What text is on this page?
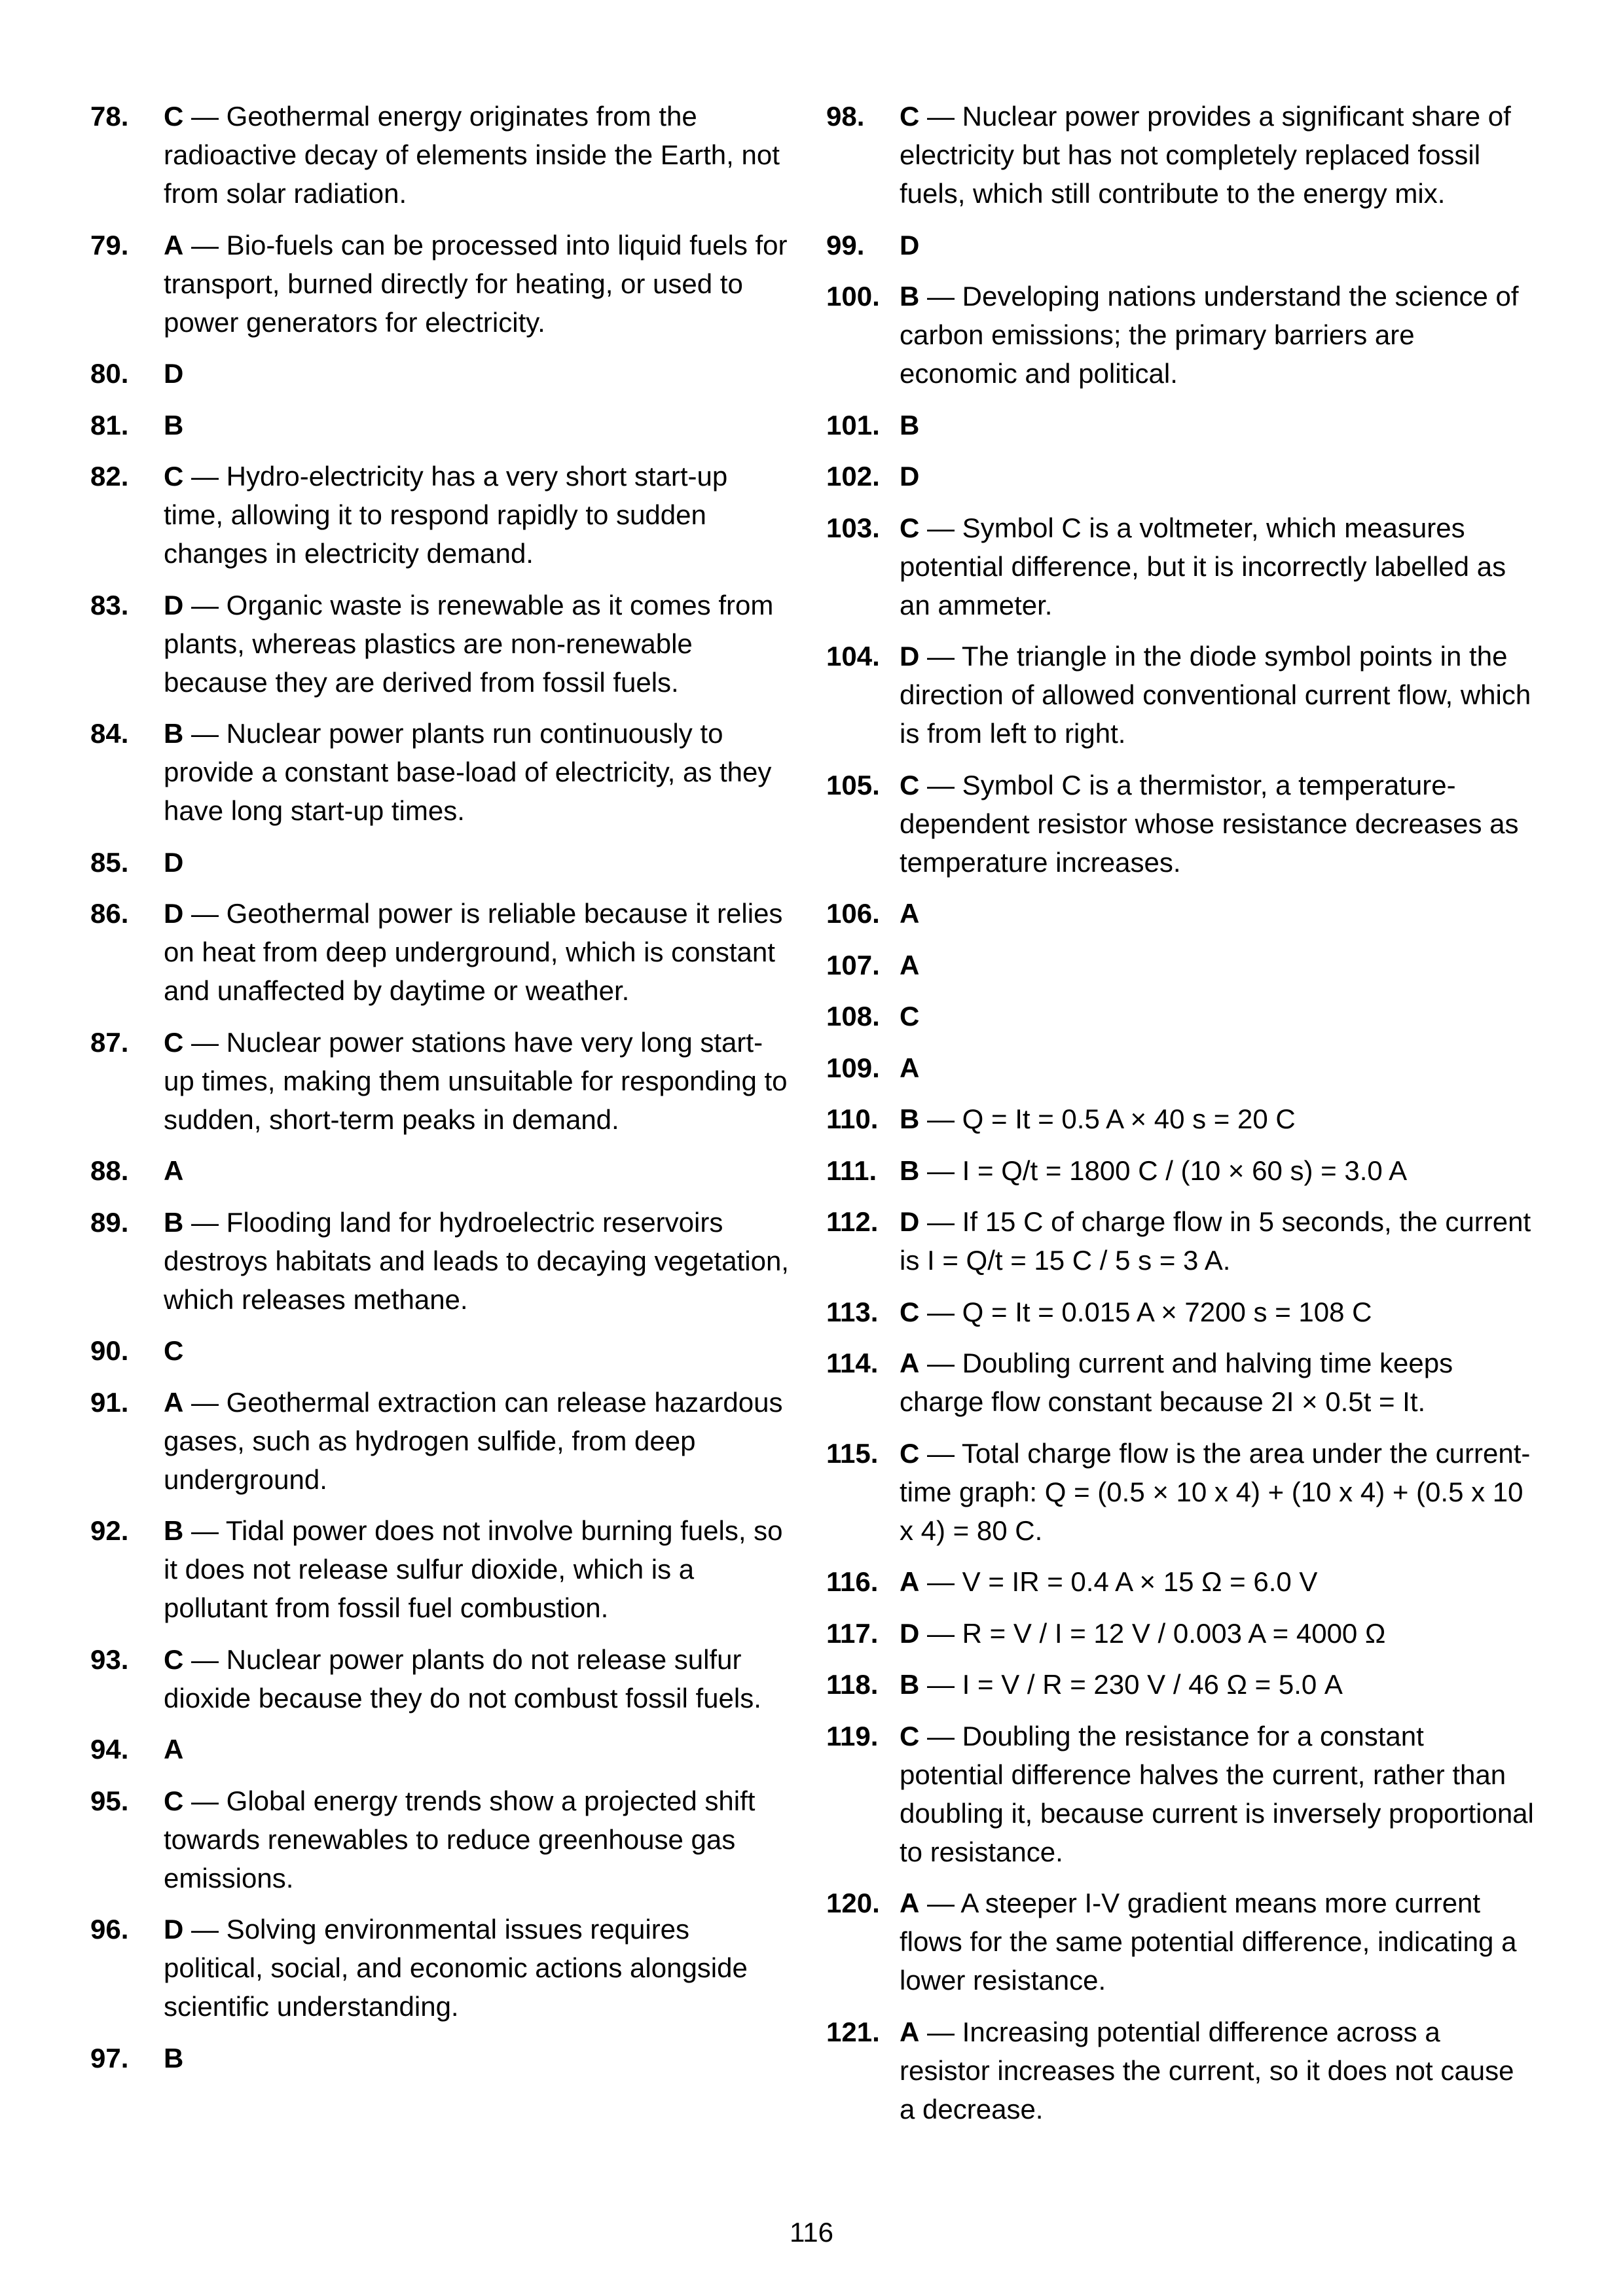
78.	C — Geothermal energy originates from the radioactive decay of elements inside the Earth, not from solar radiation.
79.	A — Bio-fuels can be processed into liquid fuels for transport, burned directly for heating, or used to power generators for electricity.
80.	D
81.	B
82.	C — Hydro-electricity has a very short start-up time, allowing it to respond rapidly to sudden changes in electricity demand.
83.	D — Organic waste is renewable as it comes from plants, whereas plastics are non-renewable because they are derived from fossil fuels.
84.	B — Nuclear power plants run continuously to provide a constant base-load of electricity, as they have long start-up times.
85.	D
86.	D — Geothermal power is reliable because it relies on heat from deep underground, which is constant and unaffected by daytime or weather.
87.	C — Nuclear power stations have very long start-up times, making them unsuitable for responding to sudden, short-term peaks in demand.
88.	A
89.	B — Flooding land for hydroelectric reservoirs destroys habitats and leads to decaying vegetation, which releases methane.
90.	C
91.	A — Geothermal extraction can release hazardous gases, such as hydrogen sulfide, from deep underground.
92.	B — Tidal power does not involve burning fuels, so it does not release sulfur dioxide, which is a pollutant from fossil fuel combustion.
93.	C — Nuclear power plants do not release sulfur dioxide because they do not combust fossil fuels.
94.	A
95.	C — Global energy trends show a projected shift towards renewables to reduce greenhouse gas emissions.
96.	D — Solving environmental issues requires political, social, and economic actions alongside scientific understanding.
97.	B
98.	C — Nuclear power provides a significant share of electricity but has not completely replaced fossil fuels, which still contribute to the energy mix.
99.	D
100. B — Developing nations understand the science of carbon emissions; the primary barriers are economic and political.
101. B
102. D
103. C — Symbol C is a voltmeter, which measures potential difference, but it is incorrectly labelled as an ammeter.
104. D — The triangle in the diode symbol points in the direction of allowed conventional current flow, which is from left to right.
105. C — Symbol C is a thermistor, a temperature-dependent resistor whose resistance decreases as temperature increases.
106. A
107. A
108. C
109. A
110. B — Q = It = 0.5 A × 40 s = 20 C
111. B — I = Q/t = 1800 C / (10 × 60 s) = 3.0 A
112. D — If 15 C of charge flow in 5 seconds, the current is I = Q/t = 15 C / 5 s = 3 A.
113. C — Q = It = 0.015 A × 7200 s = 108 C
114. A — Doubling current and halving time keeps charge flow constant because 2I × 0.5t = It.
115. C — Total charge flow is the area under the current-time graph: Q = (0.5 × 10 x 4) + (10 x 4) + (0.5 x 10 x 4) = 80 C.
116. A — V = IR = 0.4 A × 15 Ω = 6.0 V
117. D — R = V / I = 12 V / 0.003 A = 4000 Ω
118. B — I = V / R = 230 V / 46 Ω = 5.0 A
119. C — Doubling the resistance for a constant potential difference halves the current, rather than doubling it, because current is inversely proportional to resistance.
120. A — A steeper I-V gradient means more current flows for the same potential difference, indicating a lower resistance.
121. A — Increasing potential difference across a resistor increases the current, so it does not cause a decrease.
116
